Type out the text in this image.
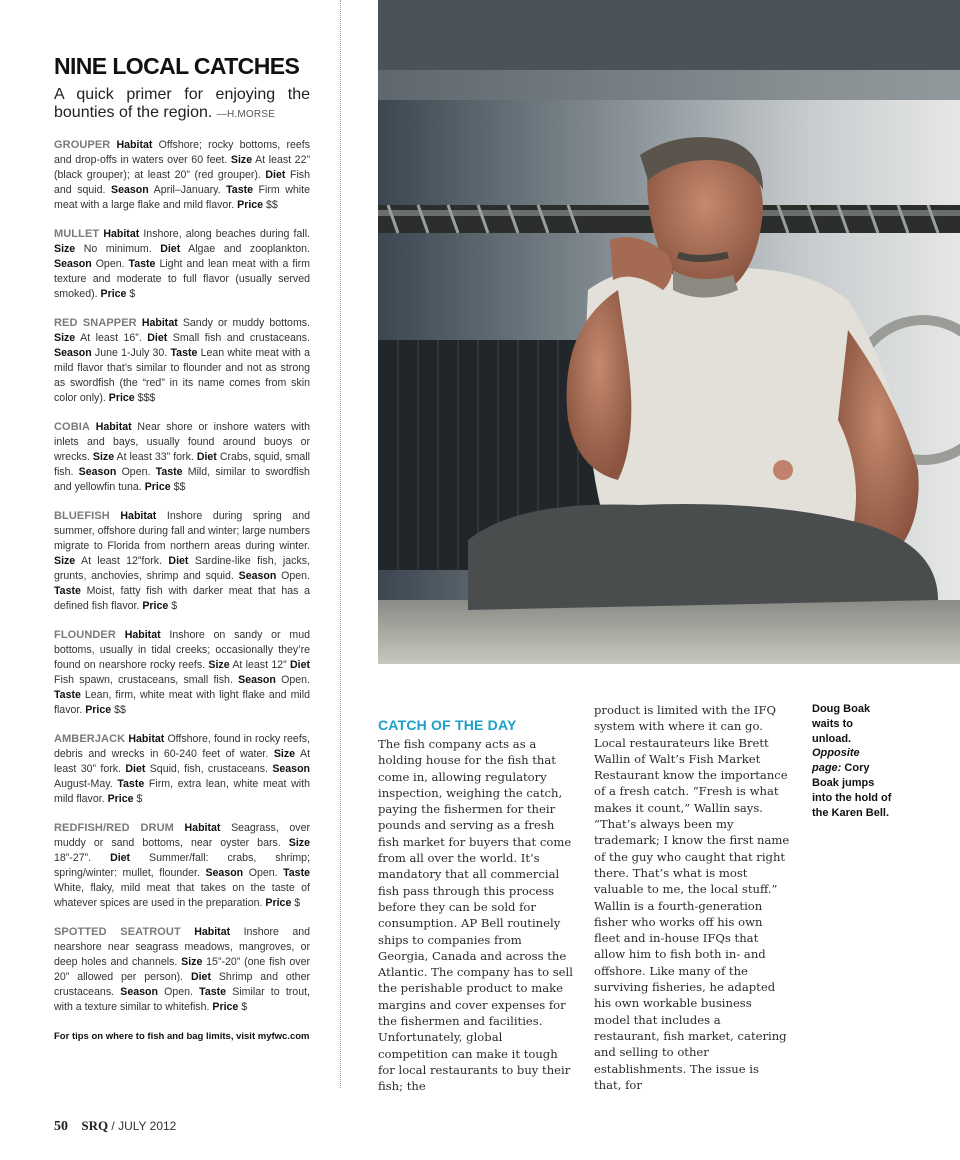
NINE LOCAL CATCHES
A quick primer for enjoying the bounties of the region. —H.MORSE
GROUPER Habitat Offshore; rocky bottoms, reefs and drop-offs in waters over 60 feet. Size At least 22” (black grouper); at least 20” (red grouper). Diet Fish and squid. Season April–January. Taste Firm white meat with a large flake and mild flavor. Price $$
MULLET Habitat Inshore, along beaches during fall. Size No minimum. Diet Algae and zooplankton. Season Open. Taste Light and lean meat with a firm texture and moderate to full flavor (usually served smoked). Price $
RED SNAPPER Habitat Sandy or muddy bottoms. Size At least 16”. Diet Small fish and crustaceans. Season June 1-July 30. Taste Lean white meat with a mild flavor that’s similar to flounder and not as strong as swordfish (the “red” in its name comes from skin color only). Price $$$
COBIA Habitat Near shore or inshore waters with inlets and bays, usually found around buoys or wrecks. Size At least 33” fork. Diet Crabs, squid, small fish. Season Open. Taste Mild, similar to swordfish and yellowfin tuna. Price $$
BLUEFISH Habitat Inshore during spring and summer, offshore during fall and winter; large numbers migrate to Florida from northern areas during winter. Size At least 12”fork. Diet Sardine-like fish, jacks, grunts, anchovies, shrimp and squid. Season Open. Taste Moist, fatty fish with darker meat that has a defined fish flavor. Price $
FLOUNDER Habitat Inshore on sandy or mud bottoms, usually in tidal creeks; occasionally they’re found on nearshore rocky reefs. Size At least 12” Diet Fish spawn, crustaceans, small fish. Season Open. Taste Lean, firm, white meat with light flake and mild flavor. Price $$
AMBERJACK Habitat Offshore, found in rocky reefs, debris and wrecks in 60-240 feet of water. Size At least 30” fork. Diet Squid, fish, crustaceans. Season August-May. Taste Firm, extra lean, white meat with mild flavor. Price $
REDFISH/RED DRUM Habitat Seagrass, over muddy or sand bottoms, near oyster bars. Size 18”-27”. Diet Summer/fall: crabs, shrimp; spring/winter: mullet, flounder. Season Open. Taste White, flaky, mild meat that takes on the taste of whatever spices are used in the preparation. Price $
SPOTTED SEATROUT Habitat Inshore and nearshore near seagrass meadows, mangroves, or deep holes and channels. Size 15”-20” (one fish over 20” allowed per person). Diet Shrimp and other crustaceans. Season Open. Taste Similar to trout, with a texture similar to whitefish. Price $
For tips on where to fish and bag limits, visit myfwc.com
CATCH OF THE DAY
The fish company acts as a holding house for the fish that come in, allowing regulatory inspection, weighing the catch, paying the fishermen for their pounds and serving as a fresh fish market for buyers that come from all over the world. It’s mandatory that all commercial fish pass through this process before they can be sold for consumption. AP Bell routinely ships to companies from Georgia, Canada and across the Atlantic. The company has to sell the perishable product to make margins and cover expenses for the fishermen and facilities. Unfortunately, global competition can make it tough for local restaurants to buy their fish; the
product is limited with the IFQ system with where it can go. Local restaurateurs like Brett Wallin of Walt’s Fish Market Restaurant know the importance of a fresh catch. “Fresh is what makes it count,” Wallin says. “That’s always been my trademark; I know the first name of the guy who caught that right there. That’s what is most valuable to me, the local stuff.” Wallin is a fourth-generation fisher who works off his own fleet and in-house IFQs that allow him to fish both in- and offshore. Like many of the surviving fisheries, he adapted his own workable business model that includes a restaurant, fish market, catering and selling to other establishments. The issue is that, for
Doug Boak waits to unload. Opposite page: Cory Boak jumps into the hold of the Karen Bell.
50 SRQ / JULY 2012
